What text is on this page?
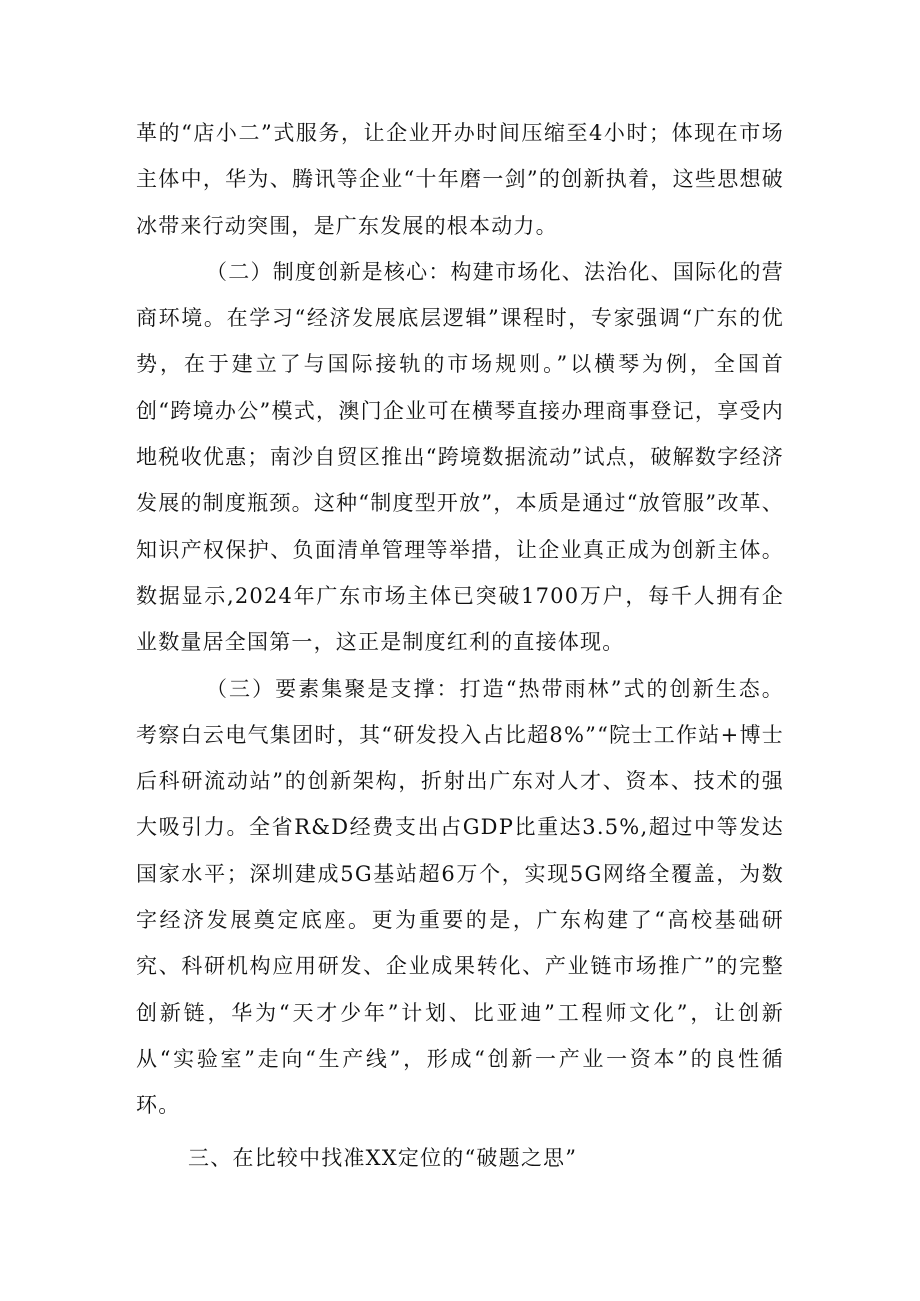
革的“店小二”式服务，让企业开办时间压缩至4小时；体现在市场主体中，华为、腾讯等企业“十年磨一剑”的创新执着，这些思想破冰带来行动突围，是广东发展的根本动力。

（二）制度创新是核心：构建市场化、法治化、国际化的营商环境。在学习“经济发展底层逻辑”课程时，专家强调“广东的优势，在于建立了与国际接轨的市场规则。”以横琴为例，全国首创“跨境办公”模式，澳门企业可在横琴直接办理商事登记，享受内地税收优惠；南沙自贸区推出“跨境数据流动”试点，破解数字经济发展的制度瓶颈。这种“制度型开放”，本质是通过“放管服”改革、知识产权保护、负面清单管理等举措，让企业真正成为创新主体。数据显示,2024年广东市场主体已突破1700万户，每千人拥有企业数量居全国第一，这正是制度红利的直接体现。

（三）要素集聚是支撑：打造“热带雨林”式的创新生态。考察白云电气集团时，其“研发投入占比超8%”“院士工作站+博士后科研流动站”的创新架构，折射出广东对人才、资本、技术的强大吸引力。全省R&D经费支出占GDP比重达3.5%,超过中等发达国家水平；深圳建成5G基站超6万个，实现5G网络全覆盖，为数字经济发展奠定底座。更为重要的是，广东构建了“高校基础研究、科研机构应用研发、企业成果转化、产业链市场推广”的完整创新链，华为“天才少年”计划、比亚迪”工程师文化”，让创新从“实验室”走向“生产线”，形成“创新一产业一资本”的良性循环。

三、在比较中找准XX定位的“破题之思”
